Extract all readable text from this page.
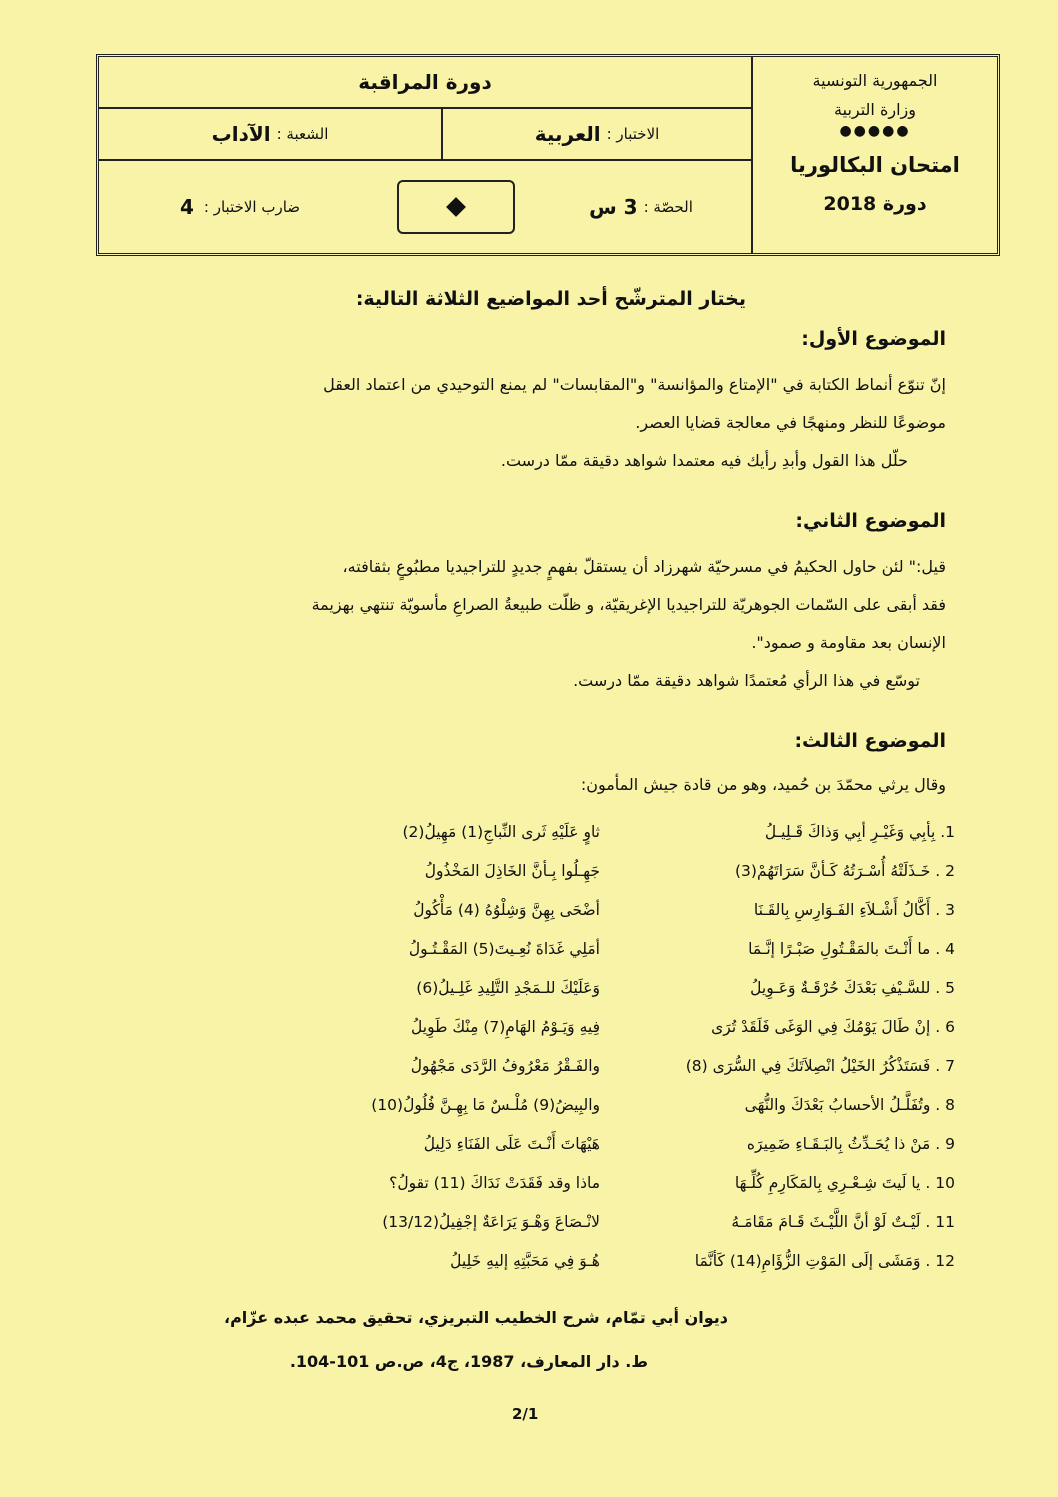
الجمهورية التونسية
وزارة التربية
●●●●●
امتحان البكالوريا
دورة 2018
دورة المراقبة
الاختبار :
العربية
الشعبة :
الآداب
الحصّة :
3 س
ضارب الاختبار :
4
يختار المترشّح أحد المواضيع الثلاثة التالية:
الموضوع الأول:
إنّ تنوّع أنماط الكتابة في "الإمتاع والمؤانسة" و"المقابسات" لم يمنع التوحيدي من اعتماد العقل
موضوعًا للنظر ومنهجًا في معالجة قضايا العصر.
حلّل هذا القول وأبدِ رأيك فيه معتمدا شواهد دقيقة ممّا درست.
الموضوع الثاني:
قيل:" لئن حاول الحكيمُ في مسرحيّة شهرزاد أن يستقلّ بفهمٍ جديدٍ للتراجيديا مطبُوعٍ بثقافته،
فقد أبقى على السّمات الجوهريّة للتراجيديا الإغريقيّة، و ظلّت طبيعةُ الصراعِ مأسويّة تنتهي بهزيمة
الإنسان بعد مقاومة و صمود".
توسّع في هذا الرأي مُعتمدًا شواهد دقيقة ممّا درست.
الموضوع الثالث:
وقال يرثي محمّدَ بن حُميد، وهو من قادة جيش المأمون:
1. بِأبِي وَغَيْـرِ أبِي وَذاكَ قَـلِيـلُ
ثاوٍ عَلَيْهِ ثَرى النِّباجِ(1) مَهِيلُ(2)
2 . خَـذَلَتْهُ أُسْـرَتُهُ كَـأنَّ سَرَاتَهُمْ(3)
جَهِـلُوا بِـأنَّ الخَاذِلَ المَخْذُولُ
3 . أَكَّالُ أَشْـلاَءِ الفَـوَارِسِ بِالقَـنَا
أضْحَى بِهِنَّ وَشِلْوُهُ (4) مَأْكُولُ
4 . ما أَنْـتَ بالمَقْـتُولِ صَبْـرًا إنَّـمَا
أمَلِي غَدَاةَ نُعِـيتَ(5) المَقْـتُـولُ
5 . للسَّـيْفِ بَعْدَكَ حُرْقَـةٌ وَعَـوِيلُ
وَعَلَيْكَ للـمَجْدِ التَّلِيدِ غَلِـيلُ(6)
6 . إنْ طَالَ يَوْمُكَ فِي الوَغَى فَلَقَدْ تُرَى
فِيهِ وَيَـوْمُ الهَامِ(7) مِنْكَ طَوِيلُ
7 . فَسَتَذْكُرُ الخَيْلُ انْصِلاَتَكَ فِي السُّرَى (8)
والفَـقْرُ مَعْرُوفُ الرَّدَى مَجْهُولُ
8 . وتُفَلَّـلُ الأحسابُ بَعْدَكَ والنُّهَى
والبِيضُ(9) مُلْـسٌ مَا بِهِـنَّ فُلُولُ(10)
9 . مَنْ ذا يُحَـدِّثُ بِالبَـقَـاءِ ضَمِيرَه
هَيْهَاتَ أَنْـتَ عَلَى الفَنَاءِ دَلِيلُ
10 . يا لَيتَ شِـعْـرِي بِالمَكَارِمِ كُلِّـهَا
ماذا وقد فَقَدَتْ نَدَاكَ (11) تقولُ؟
11 . لَيْـتٌ لَوْ أنَّ اللَّيْـثَ قَـامَ مَقَامَـهُ
لانْـصَاعَ وَهْـوَ يَرَاعَةٌ إجْفِيلُ(13/12)
12 . وَمَشَى إلَى المَوْتِ الزُّؤَامِ(14) كَأنَّمَا
هُـوَ فِي مَحَبَّتِهِ إليهِ خَلِيلُ
ديوان أبي تمّام، شرح الخطيب التبريزي، تحقيق محمد عبده عزّام،
ط. دار المعارف، 1987، ج4، ص.ص 101-104.
2/1
